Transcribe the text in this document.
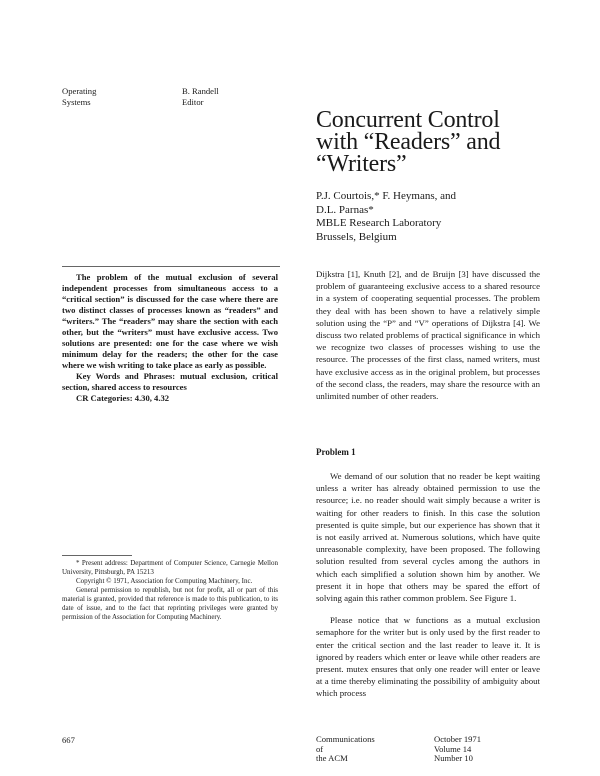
Operating
Systems
B. Randell
Editor
Concurrent Control
with “Readers” and
“Writers”
P.J. Courtois,* F. Heymans, and
D.L. Parnas*
MBLE Research Laboratory
Brussels, Belgium

The problem of the mutual exclusion of several independent processes from simultaneous access to a “critical section” is discussed for the case where there are two distinct classes of processes known as “readers” and “writers.” The “readers” may share the section with each other, but the “writers” must have exclusive access. Two solutions are presented: one for the case where we wish minimum delay for the readers; the other for the case where we wish writing to take place as early as possible.

Key Words and Phrases: mutual exclusion, critical section, shared access to resources

CR Categories: 4.30, 4.32

* Present address: Department of Computer Science, Carnegie Mellon University, Pittsburgh, PA 15213

Copyright © 1971, Association for Computing Machinery, Inc.

General permission to republish, but not for profit, all or part of this material is granted, provided that reference is made to this publication, to its date of issue, and to the fact that reprinting privileges were granted by permission of the Association for Computing Machinery.

Dijkstra [1], Knuth [2], and de Bruijn [3] have discussed the problem of guaranteeing exclusive access to a shared resource in a system of cooperating sequential processes. The problem they deal with has been shown to have a relatively simple solution using the “P” and “V” operations of Dijkstra [4]. We discuss two related problems of practical significance in which we recognize two classes of processes wishing to use the resource. The processes of the first class, named writers, must have exclusive access as in the original problem, but processes of the second class, the readers, may share the resource with an unlimited number of other readers.

Problem 1

We demand of our solution that no reader be kept waiting unless a writer has already obtained permission to use the resource; i.e. no reader should wait simply because a writer is waiting for other readers to finish. In this case the solution presented is quite simple, but our experience has shown that it is not easily arrived at. Numerous solutions, which have quite unreasonable complexity, have been proposed. The following solution resulted from several cycles among the authors in which each simplified a solution shown him by another. We present it in hope that others may be spared the effort of solving again this rather common problem. See Figure 1.

Please notice that w functions as a mutual exclusion semaphore for the writer but is only used by the first reader to enter the critical section and the last reader to leave it. It is ignored by readers which enter or leave while other readers are present. mutex ensures that only one reader will enter or leave at a time thereby eliminating the possibility of ambiguity about which process

667	Communications
of
the ACM
October 1971
Volume 14
Number 10
